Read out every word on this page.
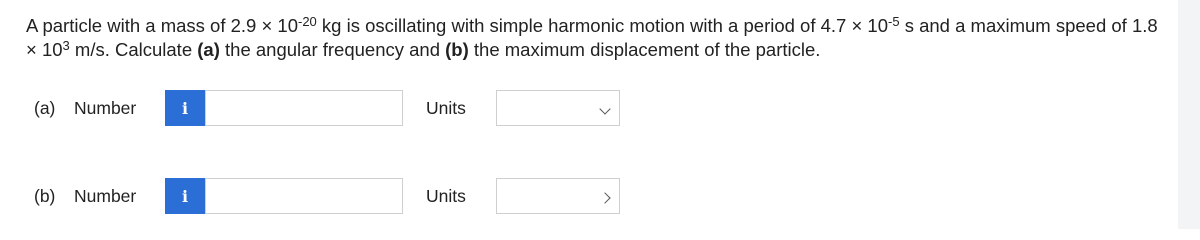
A particle with a mass of $2.9 \times 10^{-20}$ kg is oscillating with simple harmonic motion with a period of $4.7 \times 10^{-5}$ s and a maximum speed of $1.8 \times 10^3$ m/s. Calculate (a) the angular frequency and (b) the maximum displacement of the particle.
(a) Number	i	Units
(b) Number	i	Units
